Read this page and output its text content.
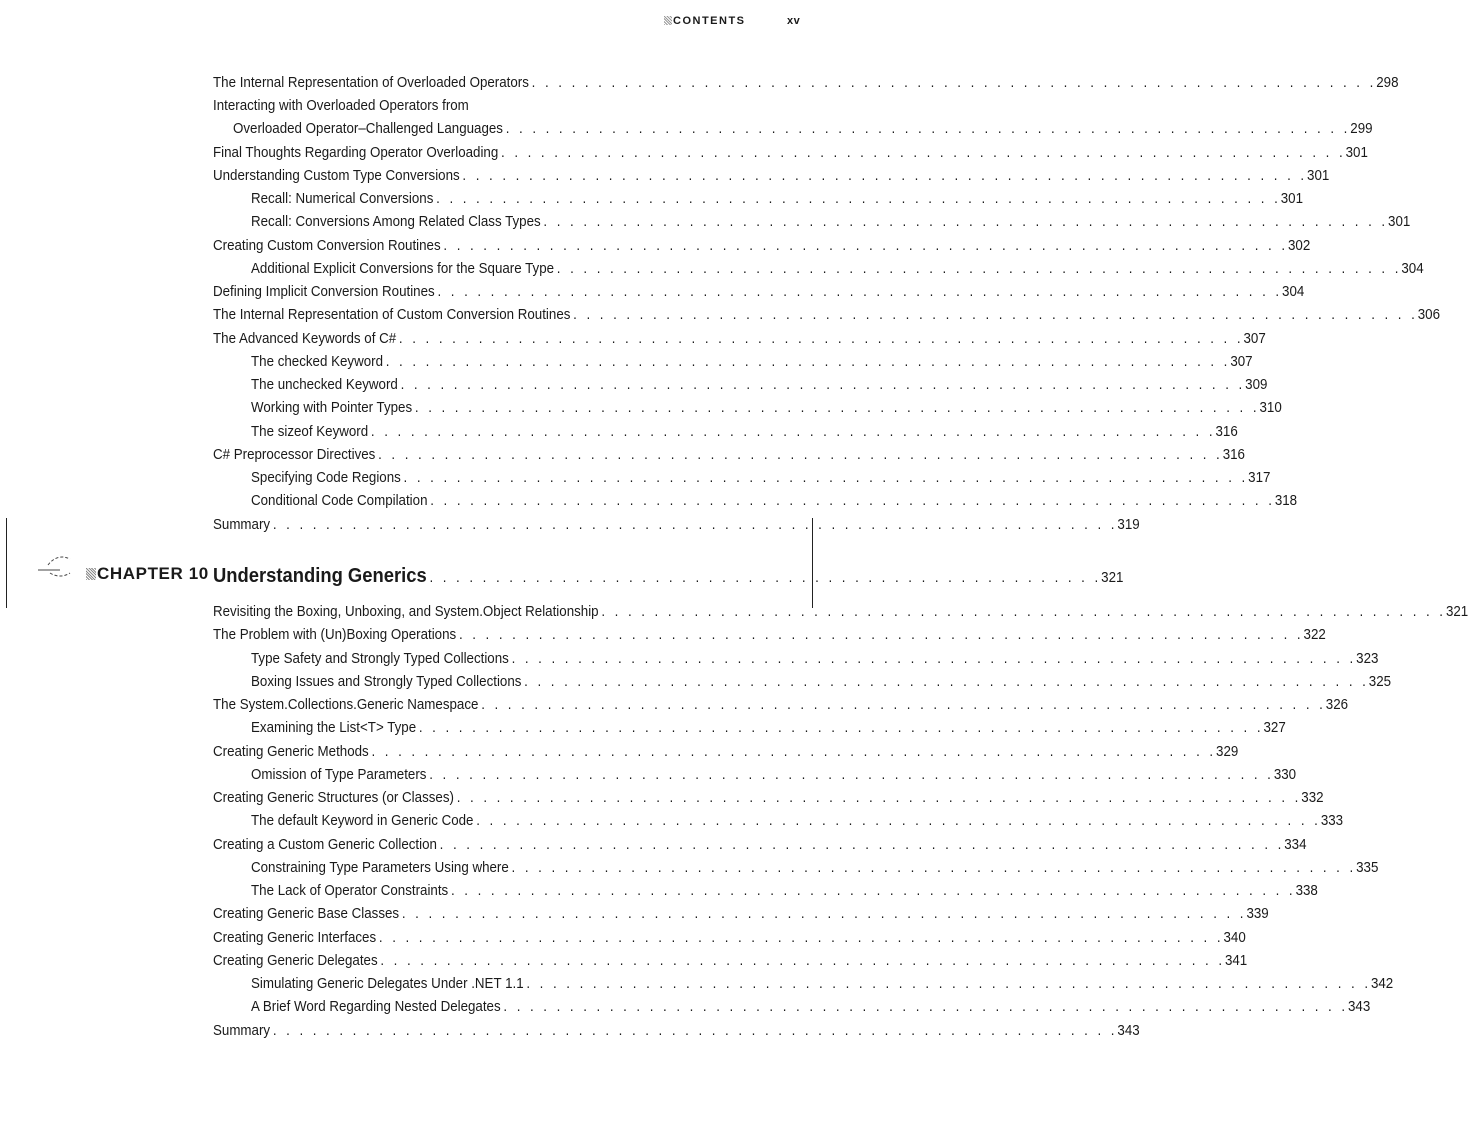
CONTENTS	xv
The Internal Representation of Overloaded Operators . . . . . . . . . . . . . . . . . . . . . . . . . . . . . . . . . . . . . . . . . . . . . . . . . . . . . . . . . . . . . . . . 298
Interacting with Overloaded Operators from
Overloaded Operator–Challenged Languages . . . . . . . . . . . . . . . . . . . . . . . . . . . . . . . . . . . . . . . . . . . . . . . . . . . . . . . . . . . . . . . . 299
Final Thoughts Regarding Operator Overloading . . . . . . . . . . . . . . . . . . . . . . . . . . . . . . . . . . . . . . . . . . . . . . . . . . . . . . . . . . . . . . . . 301
Understanding Custom Type Conversions . . . . . . . . . . . . . . . . . . . . . . . . . . . . . . . . . . . . . . . . . . . . . . . . . . . . . . . . . . . . . . . . 301
Recall: Numerical Conversions . . . . . . . . . . . . . . . . . . . . . . . . . . . . . . . . . . . . . . . . . . . . . . . . . . . . . . . . . . . . . . . . 301
Recall: Conversions Among Related Class Types . . . . . . . . . . . . . . . . . . . . . . . . . . . . . . . . . . . . . . . . . . . . . . . . . . . . . . . . . . . . . . . . 301
Creating Custom Conversion Routines . . . . . . . . . . . . . . . . . . . . . . . . . . . . . . . . . . . . . . . . . . . . . . . . . . . . . . . . . . . . . . . . 302
Additional Explicit Conversions for the Square Type . . . . . . . . . . . . . . . . . . . . . . . . . . . . . . . . . . . . . . . . . . . . . . . . . . . . . . . . . . . . . . . . 304
Defining Implicit Conversion Routines . . . . . . . . . . . . . . . . . . . . . . . . . . . . . . . . . . . . . . . . . . . . . . . . . . . . . . . . . . . . . . . . 304
The Internal Representation of Custom Conversion Routines . . . . . . . . . . . . . . . . . . . . . . . . . . . . . . . . . . . . . . . . . . . . . . . . . . . . . . . . . . . . . . . . 306
The Advanced Keywords of C# . . . . . . . . . . . . . . . . . . . . . . . . . . . . . . . . . . . . . . . . . . . . . . . . . . . . . . . . . . . . . . . . 307
The checked Keyword . . . . . . . . . . . . . . . . . . . . . . . . . . . . . . . . . . . . . . . . . . . . . . . . . . . . . . . . . . . . . . . . 307
The unchecked Keyword . . . . . . . . . . . . . . . . . . . . . . . . . . . . . . . . . . . . . . . . . . . . . . . . . . . . . . . . . . . . . . . . 309
Working with Pointer Types . . . . . . . . . . . . . . . . . . . . . . . . . . . . . . . . . . . . . . . . . . . . . . . . . . . . . . . . . . . . . . . . 310
The sizeof Keyword . . . . . . . . . . . . . . . . . . . . . . . . . . . . . . . . . . . . . . . . . . . . . . . . . . . . . . . . . . . . . . . . 316
C# Preprocessor Directives . . . . . . . . . . . . . . . . . . . . . . . . . . . . . . . . . . . . . . . . . . . . . . . . . . . . . . . . . . . . . . . . 316
Specifying Code Regions . . . . . . . . . . . . . . . . . . . . . . . . . . . . . . . . . . . . . . . . . . . . . . . . . . . . . . . . . . . . . . . . 317
Conditional Code Compilation . . . . . . . . . . . . . . . . . . . . . . . . . . . . . . . . . . . . . . . . . . . . . . . . . . . . . . . . . . . . . . . . 318
Summary . . . . . . . . . . . . . . . . . . . . . . . . . . . . . . . . . . . . . . . . . . . . . . . . . . . . . . . . . . . . . . . . 319
CHAPTER 10 Understanding Generics . . . . . . . . . . . . . . . . . . . . . . . . . . . . . . . . . . . . . . . . . . . . . . . . . . . 321
Revisiting the Boxing, Unboxing, and System.Object Relationship . . . . . . . . . . . . . . . . . . . . . . . . . . . . . . . . . . . . . . . . . . . . . . . . . . . . . . . . . . . . . . . . 321
The Problem with (Un)Boxing Operations . . . . . . . . . . . . . . . . . . . . . . . . . . . . . . . . . . . . . . . . . . . . . . . . . . . . . . . . . . . . . . . . 322
Type Safety and Strongly Typed Collections . . . . . . . . . . . . . . . . . . . . . . . . . . . . . . . . . . . . . . . . . . . . . . . . . . . . . . . . . . . . . . . . 323
Boxing Issues and Strongly Typed Collections . . . . . . . . . . . . . . . . . . . . . . . . . . . . . . . . . . . . . . . . . . . . . . . . . . . . . . . . . . . . . . . . 325
The System.Collections.Generic Namespace . . . . . . . . . . . . . . . . . . . . . . . . . . . . . . . . . . . . . . . . . . . . . . . . . . . . . . . . . . . . . . . . 326
Examining the List<T> Type . . . . . . . . . . . . . . . . . . . . . . . . . . . . . . . . . . . . . . . . . . . . . . . . . . . . . . . . . . . . . . . . 327
Creating Generic Methods . . . . . . . . . . . . . . . . . . . . . . . . . . . . . . . . . . . . . . . . . . . . . . . . . . . . . . . . . . . . . . . . 329
Omission of Type Parameters . . . . . . . . . . . . . . . . . . . . . . . . . . . . . . . . . . . . . . . . . . . . . . . . . . . . . . . . . . . . . . . . 330
Creating Generic Structures (or Classes) . . . . . . . . . . . . . . . . . . . . . . . . . . . . . . . . . . . . . . . . . . . . . . . . . . . . . . . . . . . . . . . . 332
The default Keyword in Generic Code . . . . . . . . . . . . . . . . . . . . . . . . . . . . . . . . . . . . . . . . . . . . . . . . . . . . . . . . . . . . . . . . 333
Creating a Custom Generic Collection . . . . . . . . . . . . . . . . . . . . . . . . . . . . . . . . . . . . . . . . . . . . . . . . . . . . . . . . . . . . . . . . 334
Constraining Type Parameters Using where . . . . . . . . . . . . . . . . . . . . . . . . . . . . . . . . . . . . . . . . . . . . . . . . . . . . . . . . . . . . . . . . 335
The Lack of Operator Constraints . . . . . . . . . . . . . . . . . . . . . . . . . . . . . . . . . . . . . . . . . . . . . . . . . . . . . . . . . . . . . . . . 338
Creating Generic Base Classes . . . . . . . . . . . . . . . . . . . . . . . . . . . . . . . . . . . . . . . . . . . . . . . . . . . . . . . . . . . . . . . . 339
Creating Generic Interfaces . . . . . . . . . . . . . . . . . . . . . . . . . . . . . . . . . . . . . . . . . . . . . . . . . . . . . . . . . . . . . . . . 340
Creating Generic Delegates . . . . . . . . . . . . . . . . . . . . . . . . . . . . . . . . . . . . . . . . . . . . . . . . . . . . . . . . . . . . . . . . 341
Simulating Generic Delegates Under .NET 1.1 . . . . . . . . . . . . . . . . . . . . . . . . . . . . . . . . . . . . . . . . . . . . . . . . . . . . . . . . . . . . . . . . 342
A Brief Word Regarding Nested Delegates . . . . . . . . . . . . . . . . . . . . . . . . . . . . . . . . . . . . . . . . . . . . . . . . . . . . . . . . . . . . . . . . 343
Summary . . . . . . . . . . . . . . . . . . . . . . . . . . . . . . . . . . . . . . . . . . . . . . . . . . . . . . . . . . . . . . . . 343
